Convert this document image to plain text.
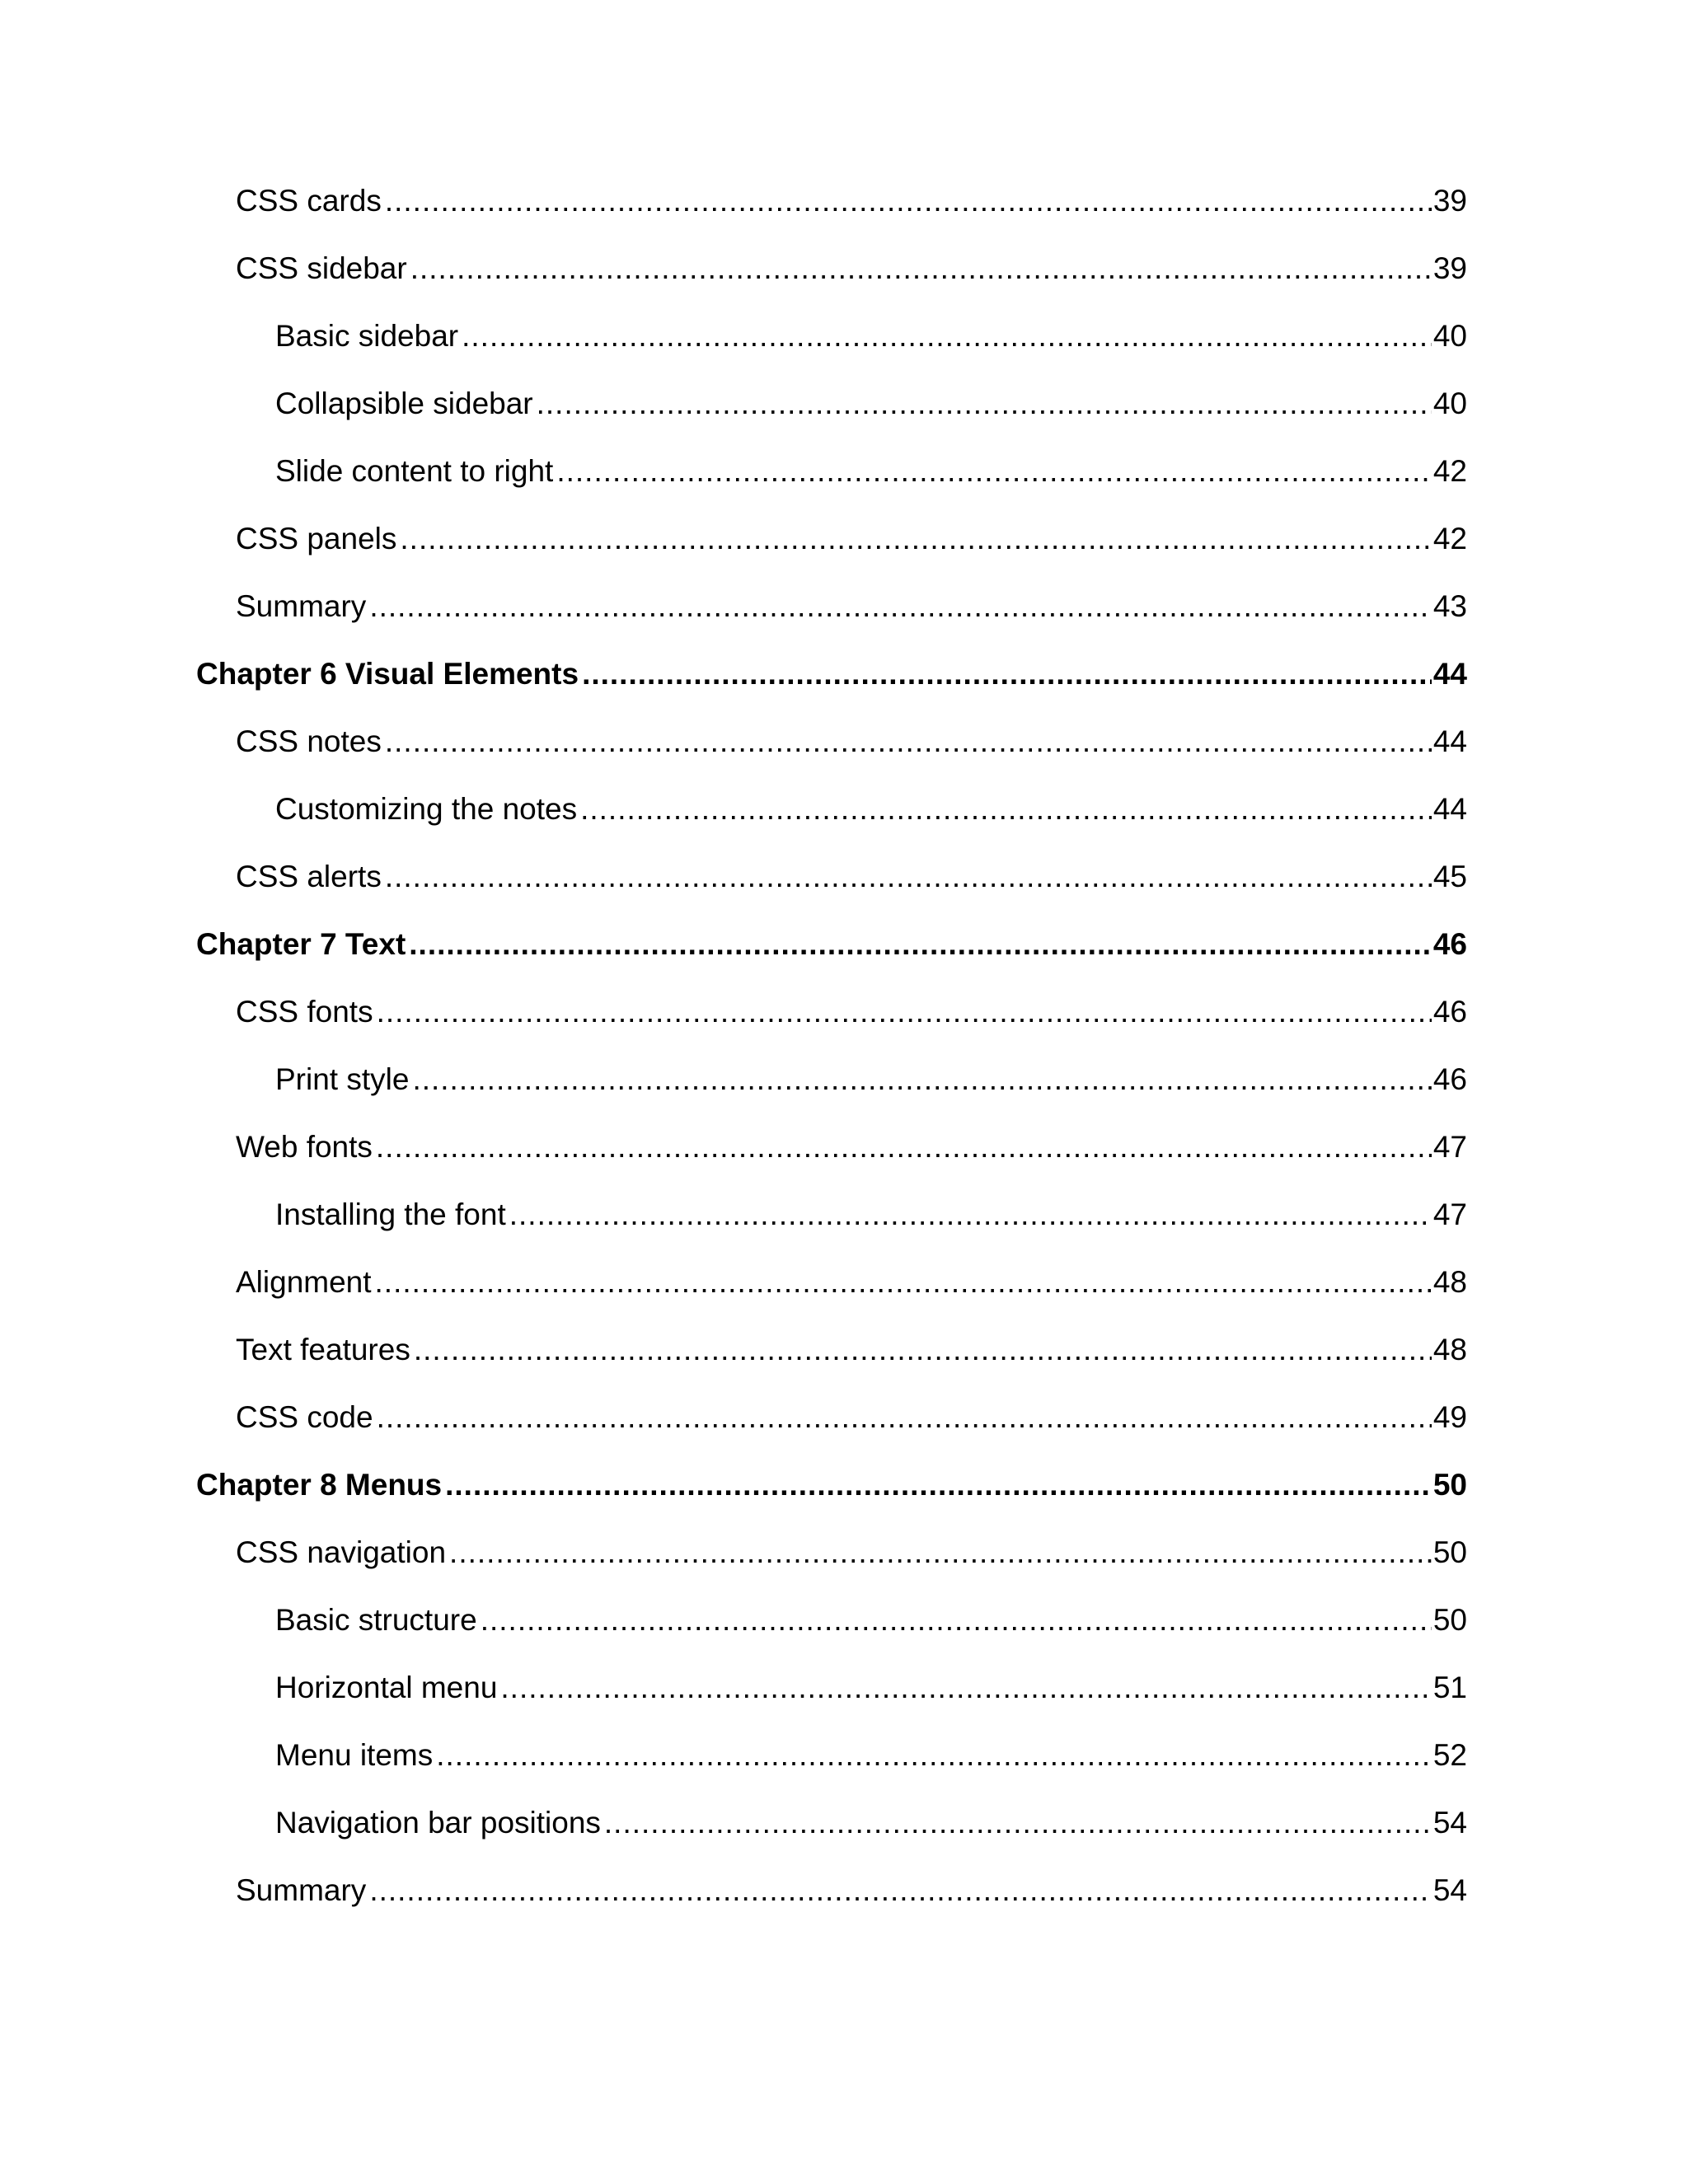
CSS cards .....	39
CSS sidebar .....	39
Basic sidebar .....	40
Collapsible sidebar .....	40
Slide content to right .....	42
CSS panels .....	42
Summary .....	43
Chapter 6 Visual Elements .....	44
CSS notes .....	44
Customizing the notes .....	44
CSS alerts .....	45
Chapter 7 Text .....	46
CSS fonts .....	46
Print style .....	46
Web fonts .....	47
Installing the font .....	47
Alignment .....	48
Text features .....	48
CSS code .....	49
Chapter 8 Menus .....	50
CSS navigation .....	50
Basic structure .....	50
Horizontal menu .....	51
Menu items .....	52
Navigation bar positions .....	54
Summary .....	54
